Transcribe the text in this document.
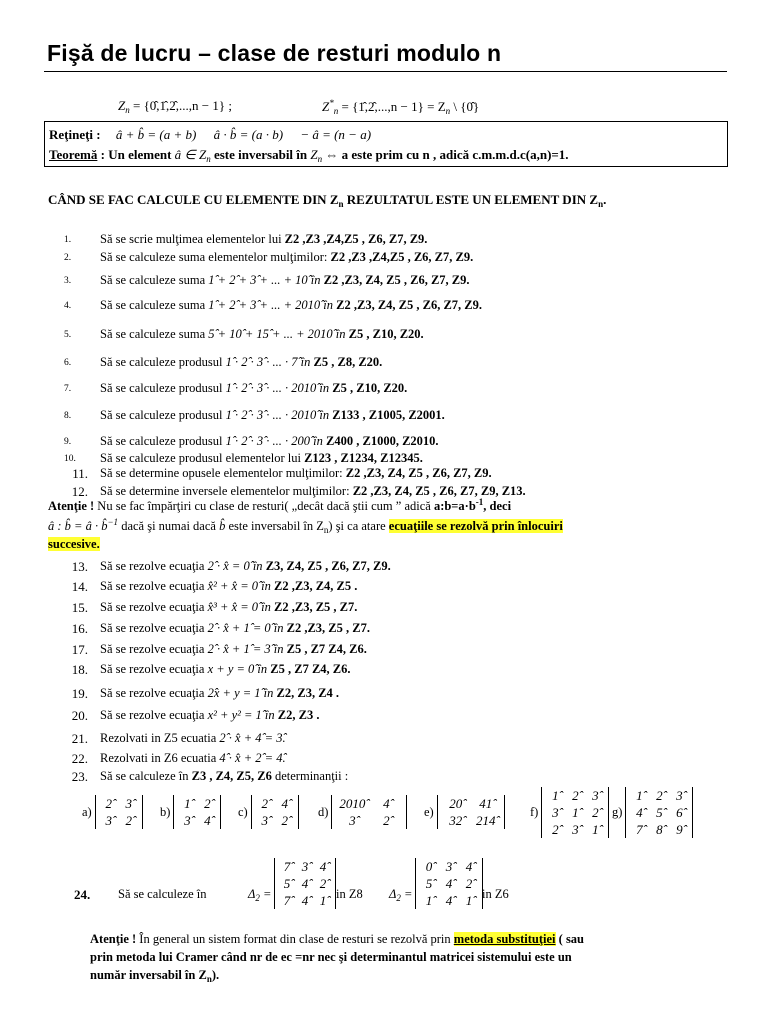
Fişă de lucru – clase de resturi modulo n
$Z_n$ = {0̂,1̂,2̂,...,n − 1} ;	$Z^*_n$ = {1̂,2̂,...,n − $1\} = Z_n$ \ {0̂}
Reţineţi : â + b̂ = (a + b) â · b̂ = (a · b) − â = (n − a)
Teoremă : Un element â ∈ $Z_n$ este inversabil în $Z_n$ ⇔ a este prim cu n , adică c.m.m.d.c(a,n)=1.
CÂND SE FAC CALCULE CU ELEMENTE DIN $Z_n$ REZULTATUL ESTE UN ELEMENT DIN $Z_n$.
1. Să se scrie mulţimea elementelor lui Z2 ,Z3 ,Z4,Z5 , Z6, Z7, Z9.
2. Să se calculeze suma elementelor mulţimilor: Z2 ,Z3 ,Z4,Z5 , Z6, Z7, Z9.
3. Să se calculeze suma 1̂ + 2̂ + 3̂ + ... + 10̂ în Z2 ,Z3, Z4, Z5 , Z6, Z7, Z9.
4. Să se calculeze suma 1̂ + 2̂ + 3̂ + ... + 2010̂ în Z2 ,Z3, Z4, Z5 , Z6, Z7, Z9.
5. Să se calculeze suma 5̂ + 10̂ + 15̂ + ... + 2010̂ în Z5 , Z10, Z20.
6. Să se calculeze produsul 1̂ · 2̂ · 3̂ · ... · 7̂ în Z5 , Z8, Z20.
7. Să se calculeze produsul 1̂ · 2̂ · 3̂ · ... · 2010̂ în Z5 , Z10, Z20.
8. Să se calculeze produsul 1̂ · 2̂ · 3̂ · ... · 2010̂ în Z133 , Z1005, Z2001.
9. Să se calculeze produsul 1̂ · 2̂ · 3̂ · ... · 200̂ în Z400 , Z1000, Z2010.
10. Să se calculeze produsul elementelor lui Z123 , Z1234, Z12345.
11. Să se determine opusele elementelor mulţimilor: Z2 ,Z3, Z4, Z5 , Z6, Z7, Z9.
12. Să se determine inversele elementelor mulţimilor: Z2 ,Z3, Z4, Z5 , Z6, Z7, Z9, Z13.
Atenţie ! Nu se fac împărţiri cu clase de resturi( „decât dacă ştii cum ” adică $a:b=a\cdot b^{-1}$, deci
â : b̂ = â · b̂$^{-1}$ dacă şi numai dacă b̂ este inversabil în $Z_n$) şi ca atare ecuaţiile se rezolvă prin înlocuiri
succesive.
13. Să se rezolve ecuaţia 2̂ · x̂ = 0̂ în Z3, Z4, Z5 , Z6, Z7, Z9.
14. Să se rezolve ecuaţia x̂² + x̂ = 0̂ în Z2 ,Z3, Z4, Z5 .
15. Să se rezolve ecuaţia x̂³ + x̂ = 0̂ în Z2 ,Z3, Z5 , Z7.
16. Să se rezolve ecuaţia 2̂ · x̂ + 1̂ = 0̂ în Z2 ,Z3, Z5 , Z7.
17. Să se rezolve ecuaţia 2̂ · x̂ + 1̂ = 3̂ în Z5 , Z7 Z4, Z6.
18. Să se rezolve ecuaţia x + y = 0̂ în Z5 , Z7 Z4, Z6.
19. Să se rezolve ecuaţia 2̂x + y = 1̂ în Z2, Z3, Z4 .
20. Să se rezolve ecuaţia x² + y² = 1̂ în Z2, Z3 .
21. Rezolvati in Z5 ecuatia 2̂ · x̂ + 4̂ = 3̂.
22. Rezolvati in Z6 ecuatia 4̂ · x̂ + 2̂ = 4̂.
23. Să se calculeze în Z3 , Z4, Z5, Z6 determinanţii :
a)
2̂	3̂
3̂	2̂
b)
1̂	2̂
3̂	4̂
c)
2̂	4̂
3̂	2̂
d)
2010̂	4̂
3̂	2̂
e)
20̂	41̂
32̂	214̂
f)
1̂	2̂	3̂
3̂	1̂	2̂
2̂	3̂	1̂
g)
1̂	2̂	3̂
4̂	5̂	6̂
7̂	8̂	9̂
24. Să se calculeze în	$\Delta_2$ =
7̂ 3̂ 4̂
5̂ 4̂ 2̂
7̂ 4̂ 1̂ in Z8 $\Delta_2$ =
0̂	3̂	4̂
5̂	4̂	2̂
1̂	4̂	1̂ in Z6
Atenţie ! În general un sistem format din clase de resturi se rezolvă prin metoda substituţiei ( sau
prin metoda lui Cramer când nr de ec =nr nec şi determinantul matricei sistemului este un
număr inversabil în $Z_n$).
